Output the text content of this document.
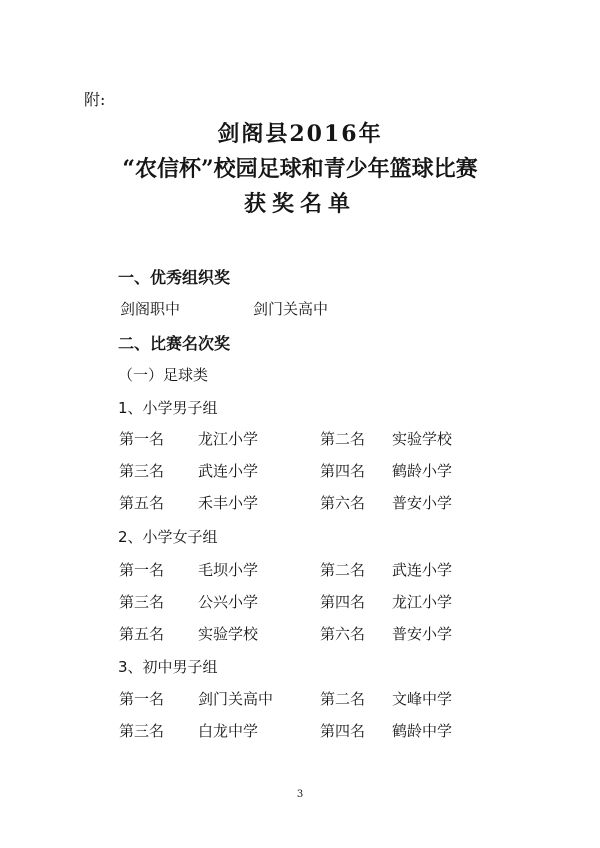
附:
剑阁县2016年
“农信杯”校园足球和青少年篮球比赛
获奖名单
一、优秀组织奖
剑阁职中	剑门关高中
二、比赛名次奖
（一）足球类
1、小学男子组
第一名 龙江小学	第二名 实验学校
第三名 武连小学	第四名 鹤龄小学
第五名 禾丰小学	第六名 普安小学
2、小学女子组
第一名 毛坝小学	第二名 武连小学
第三名 公兴小学	第四名 龙江小学
第五名 实验学校	第六名 普安小学
3、初中男子组
第一名 剑门关高中	第二名 文峰中学
第三名 白龙中学	第四名 鹤龄中学
3
